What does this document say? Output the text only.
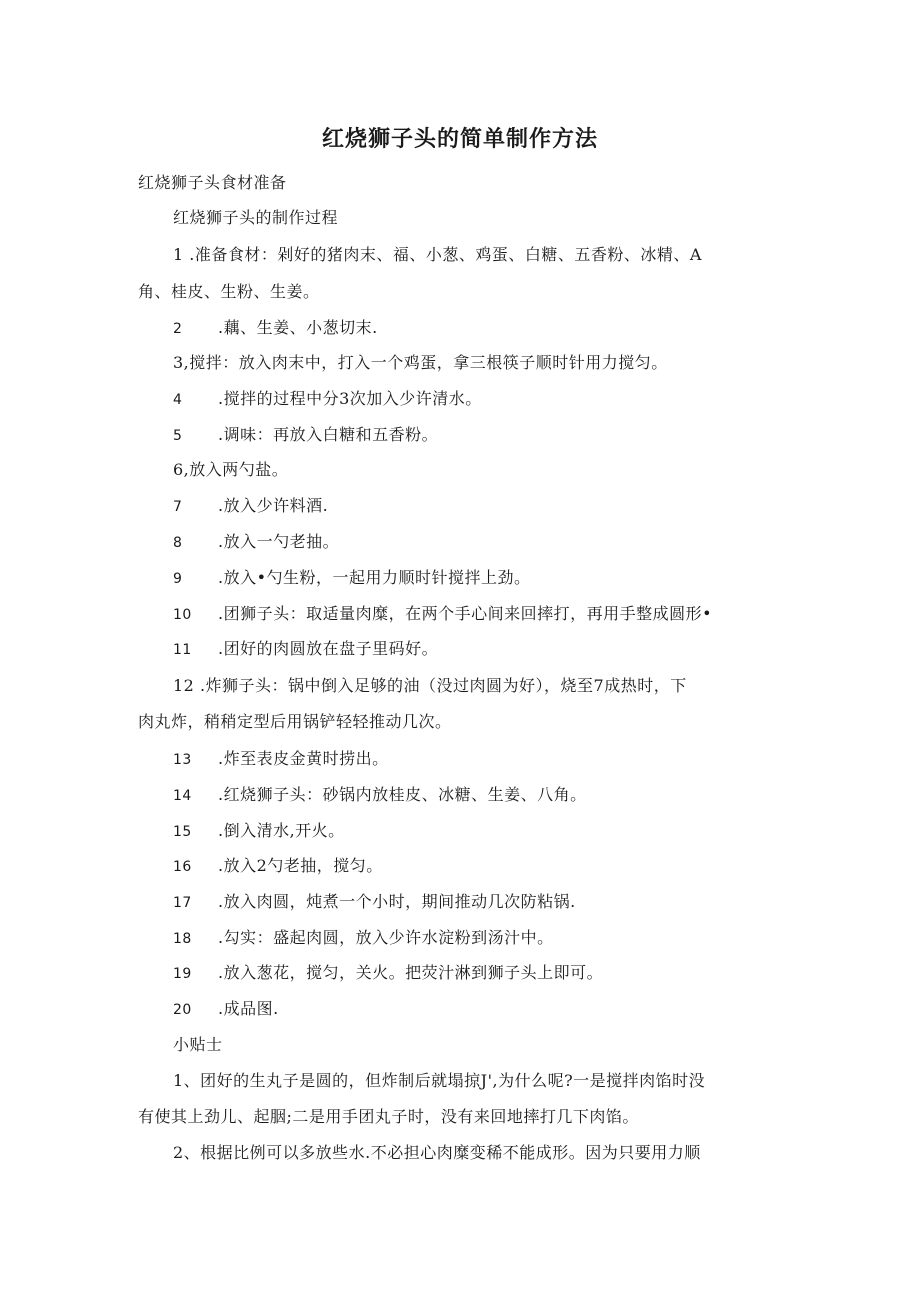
红烧狮子头的简单制作方法
红烧狮子头食材准备
红烧狮子头的制作过程
1 .准备食材：剁好的猪肉末、福、小葱、鸡蛋、白糖、五香粉、冰精、A
角、桂皮、生粉、生姜。
2 .藕、生姜、小葱切末.
3,搅拌：放入肉末中，打入一个鸡蛋，拿三根筷子顺时针用力搅匀。
4 .搅拌的过程中分3次加入少许清水。
5 .调味：再放入白糖和五香粉。
6,放入两勺盐。
7 .放入少许料酒.
8 .放入一勺老抽。
9 .放入•勺生粉，一起用力顺时针搅拌上劲。
10 .团狮子头：取适量肉糜，在两个手心间来回摔打，再用手整成圆形•
11 .团好的肉圆放在盘子里码好。
12 .炸狮子头：锅中倒入足够的油（没过肉圆为好），烧至7成热时，下
肉丸炸，稍稍定型后用锅铲轻轻推动几次。
13 .炸至表皮金黄时捞出。
14 .红烧狮子头：砂锅内放桂皮、冰糖、生姜、八角。
15 .倒入清水,开火。
16 .放入2勺老抽，搅匀。
17 .放入肉圆，炖煮一个小时，期间推动几次防粘锅.
18 .勾实：盛起肉圆，放入少许水淀粉到汤汁中。
19 .放入葱花，搅匀，关火。把荧汁淋到狮子头上即可。
20 .成品图.
小贴士
1、团好的生丸子是圆的，但炸制后就塌掠J',为什么呢?一是搅拌肉馅时没
有使其上劲儿、起胭;二是用手团丸子时，没有来回地摔打几下肉馅。
2、根据比例可以多放些水.不必担心肉糜变稀不能成形。因为只要用力顺
